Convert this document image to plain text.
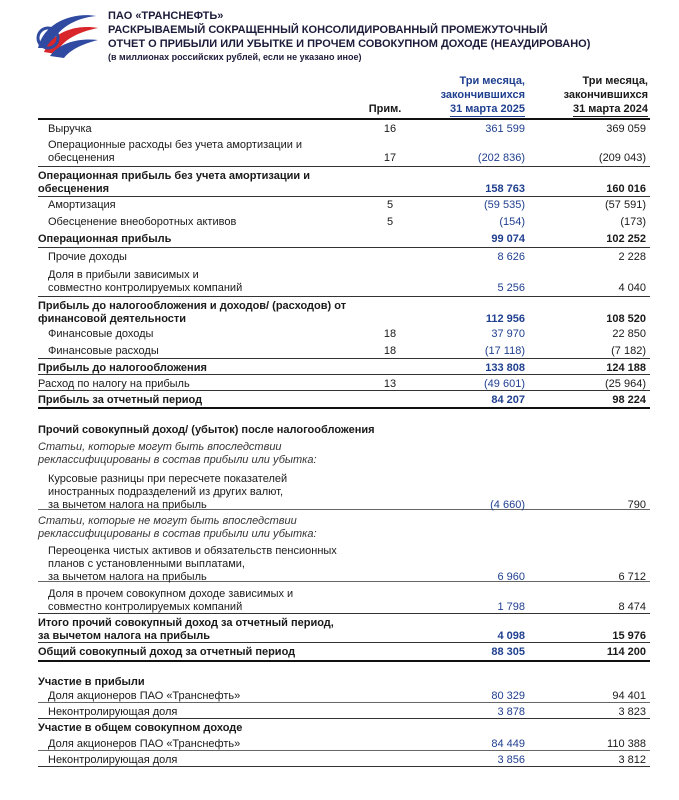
ПАО «ТРАНСНЕФТЬ»
РАСКРЫВАЕМЫЙ СОКРАЩЕННЫЙ КОНСОЛИДИРОВАННЫЙ ПРОМЕЖУТОЧНЫЙ
ОТЧЕТ О ПРИБЫЛИ ИЛИ УБЫТКЕ И ПРОЧЕМ СОВОКУПНОМ ДОХОДЕ (НЕАУДИРОВАНО)
(в миллионах российских рублей, если не указано иное)
Прим.
Три месяца,
закончившихся
31 марта 2025
Три месяца,
закончившихся
31 марта 2024
Выручка	16	361 599	369 059
Операционные расходы без учета амортизации и
обесценения	17	(202 836)	(209 043)
Операционная прибыль без учета амортизации и
обесценения	158 763	160 016
Амортизация	5	(59 535)	(57 591)
Обесценение внеоборотных активов	5	(154)	(173)
Операционная прибыль	99 074	102 252
Прочие доходы	8 626	2 228
Доля в прибыли зависимых и
совместно контролируемых компаний	5 256	4 040
Прибыль до налогообложения и доходов/ (расходов) от
финансовой деятельности	112 956	108 520
Финансовые доходы	18	37 970	22 850
Финансовые расходы	18	(17 118)	(7 182)
Прибыль до налогообложения	133 808	124 188
Расход по налогу на прибыль	13	(49 601)	(25 964)
Прибыль за отчетный период	84 207	98 224
Прочий совокупный доход/ (убыток) после налогообложения
Статьи, которые могут быть впоследствии
реклассифицированы в состав прибыли или убытка:
Курсовые разницы при пересчете показателей
иностранных подразделений из других валют,
за вычетом налога на прибыль	(4 660)	790
Статьи, которые не могут быть впоследствии
реклассифицированы в состав прибыли или убытка:
Переоценка чистых активов и обязательств пенсионных
планов с установленными выплатами,
за вычетом налога на прибыль	6 960	6 712
Доля в прочем совокупном доходе зависимых и
совместно контролируемых компаний	1 798	8 474
Итого прочий совокупный доход за отчетный период,
за вычетом налога на прибыль	4 098	15 976
Общий совокупный доход за отчетный период	88 305	114 200
Участие в прибыли
Доля акционеров ПАО «Транснефть»	80 329	94 401
Неконтролирующая доля	3 878	3 823
Участие в общем совокупном доходе
Доля акционеров ПАО «Транснефть»	84 449	110 388
Неконтролирующая доля	3 856	3 812
